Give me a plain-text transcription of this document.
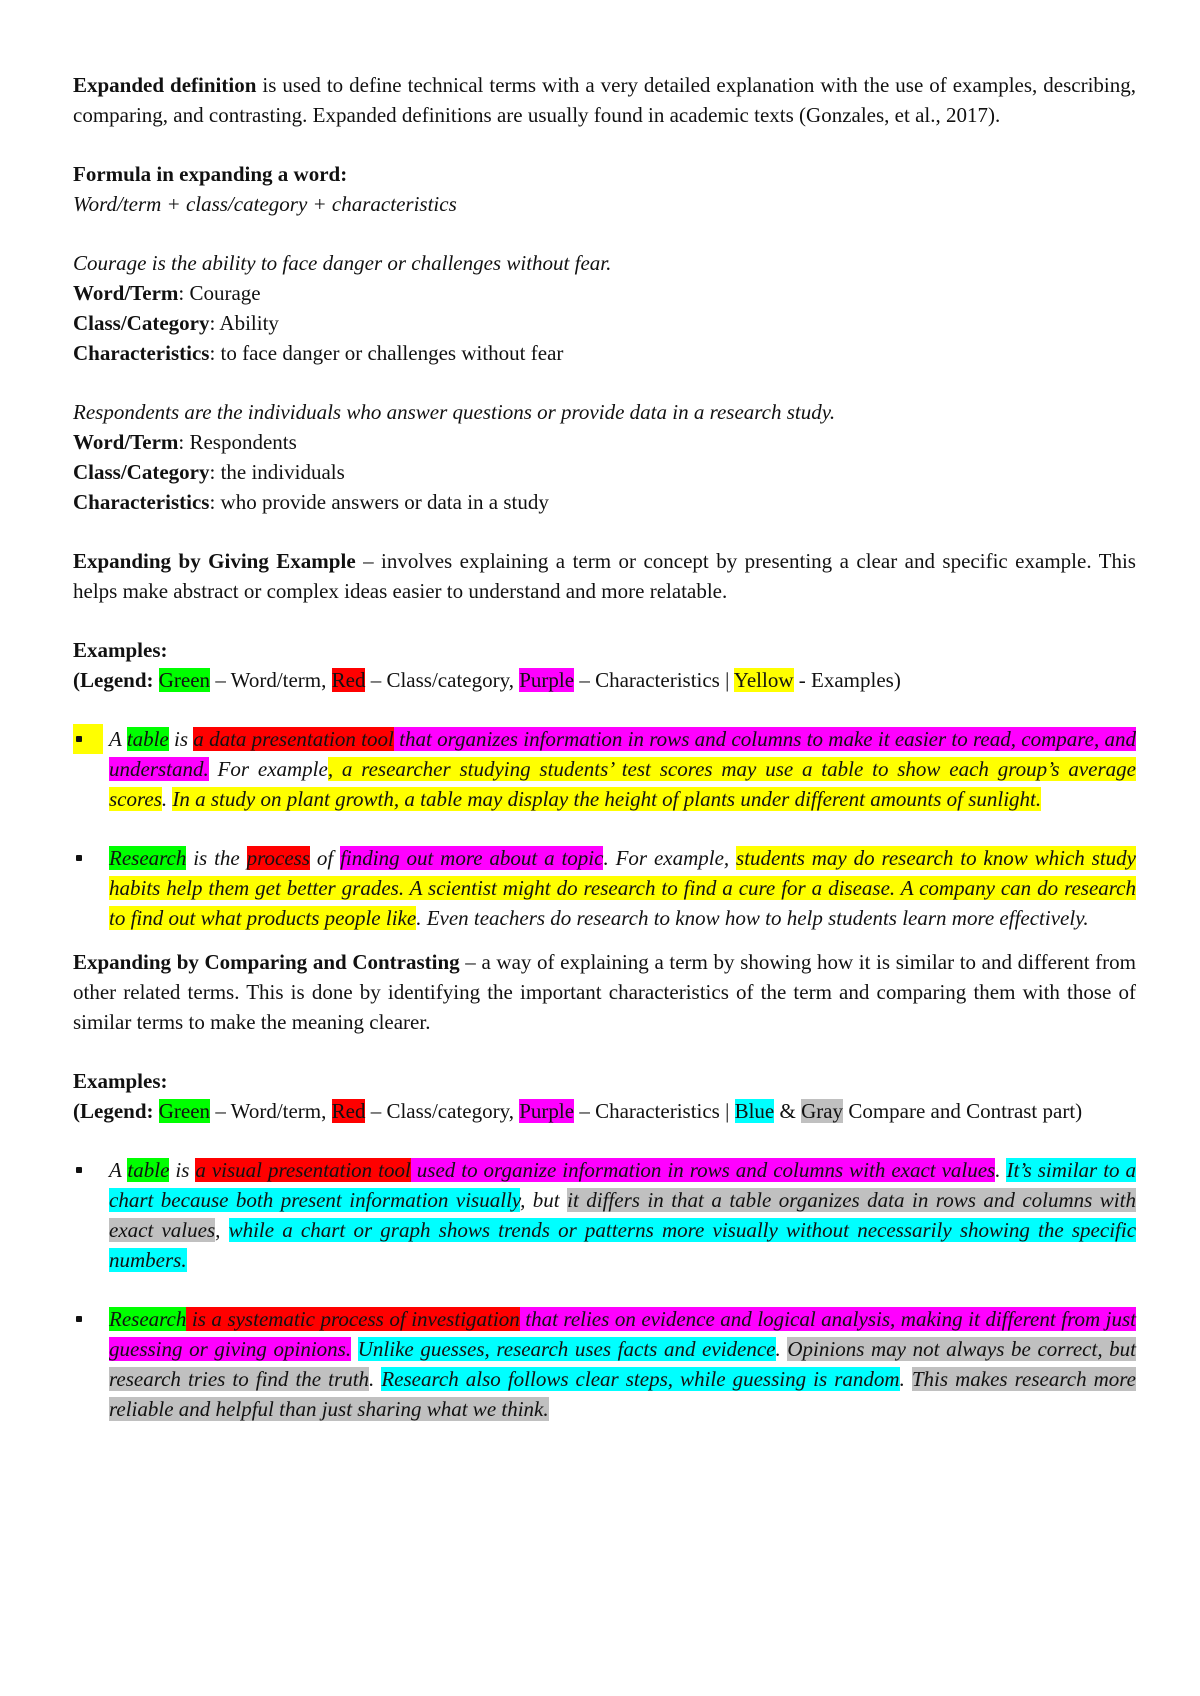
Expanded definition is used to define technical terms with a very detailed explanation with the use of examples, describing, comparing, and contrasting. Expanded definitions are usually found in academic texts (Gonzales, et al., 2017).

Formula in expanding a word:

Word/term + class/category + characteristics

Courage is the ability to face danger or challenges without fear.

Word/Term: Courage

Class/Category: Ability

Characteristics: to face danger or challenges without fear

Respondents are the individuals who answer questions or provide data in a research study.

Word/Term: Respondents

Class/Category: the individuals

Characteristics: who provide answers or data in a study

Expanding by Giving Example – involves explaining a term or concept by presenting a clear and specific example. This helps make abstract or complex ideas easier to understand and more relatable.

Examples:

(Legend: Green – Word/term, Red – Class/category, Purple – Characteristics | Yellow - Examples)

A table is a data presentation tool that organizes information in rows and columns to make it easier to read, compare, and understand. For example, a researcher studying students’ test scores may use a table to show each group’s average scores. In a study on plant growth, a table may display the height of plants under different amounts of sunlight.
Research is the process of finding out more about a topic. For example, students may do research to know which study habits help them get better grades. A scientist might do research to find a cure for a disease. A company can do research to find out what products people like. Even teachers do research to know how to help students learn more effectively.

Expanding by Comparing and Contrasting – a way of explaining a term by showing how it is similar to and different from other related terms. This is done by identifying the important characteristics of the term and comparing them with those of similar terms to make the meaning clearer.

Examples:

(Legend: Green – Word/term, Red – Class/category, Purple – Characteristics | Blue & Gray Compare and Contrast part)

A table is a visual presentation tool used to organize information in rows and columns with exact values. It’s similar to a chart because both present information visually, but it differs in that a table organizes data in rows and columns with exact values, while a chart or graph shows trends or patterns more visually without necessarily showing the specific numbers.
Research is a systematic process of investigation that relies on evidence and logical analysis, making it different from just guessing or giving opinions. Unlike guesses, research uses facts and evidence. Opinions may not always be correct, but research tries to find the truth. Research also follows clear steps, while guessing is random. This makes research more reliable and helpful than just sharing what we think.
